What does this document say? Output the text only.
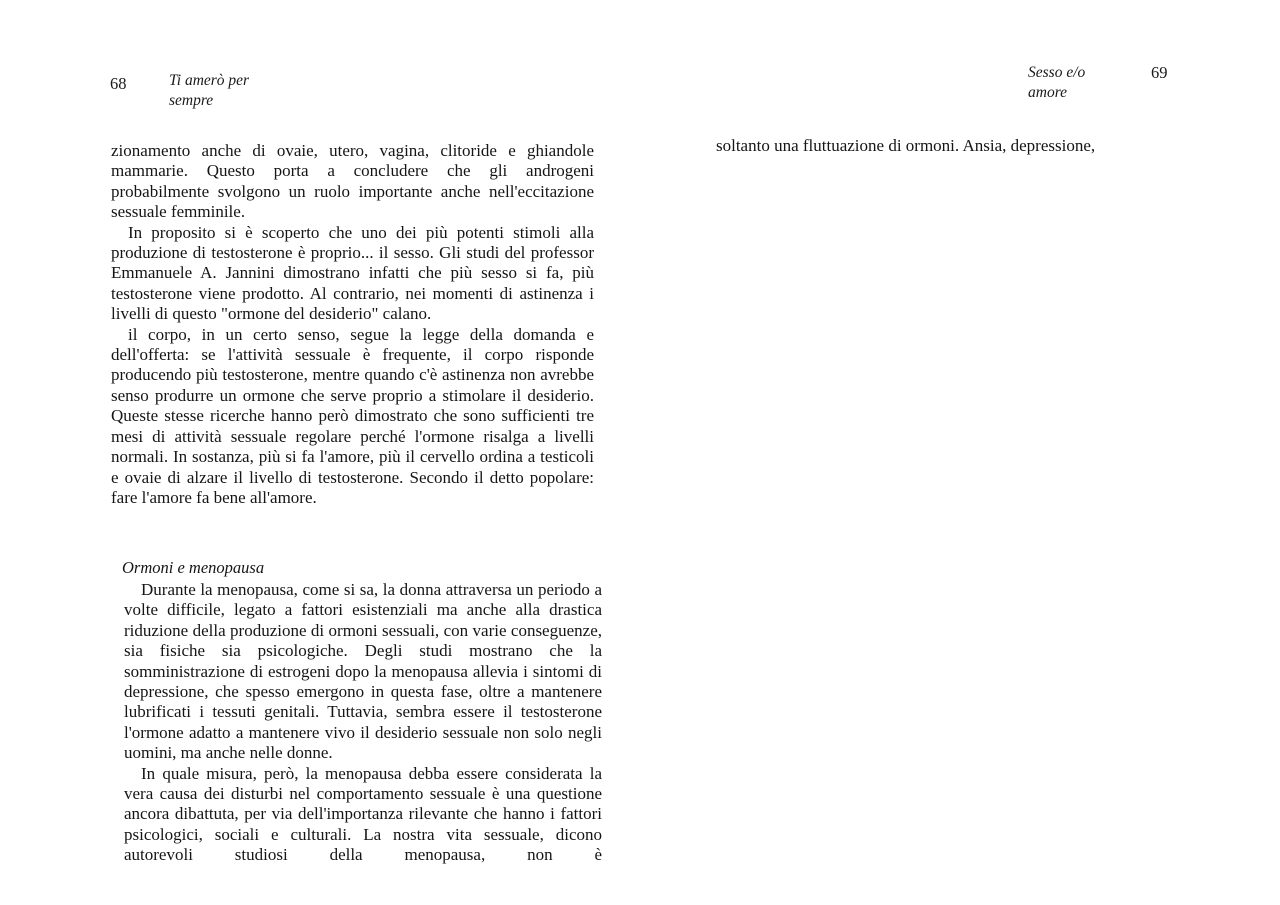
68	Ti amerò per sempre

zionamento anche di ovaie, utero, vagina, clitoride e ghiandole mammarie. Questo porta a concludere che gli androgeni probabilmente svolgono un ruolo importante anche nell'eccitazione sessuale femminile.

In proposito si è scoperto che uno dei più potenti stimoli alla produzione di testosterone è proprio... il sesso. Gli studi del professor Emmanuele A. Jannini dimostrano infatti che più sesso si fa, più testosterone viene prodotto. Al contrario, nei momenti di astinenza i livelli di questo "ormone del desiderio" calano.

il corpo, in un certo senso, segue la legge della domanda e dell'offerta: se l'attività sessuale è frequente, il corpo risponde producendo più testosterone, mentre quando c'è astinenza non avrebbe senso produrre un ormone che serve proprio a stimolare il desiderio. Queste stesse ricerche hanno però dimostrato che sono sufficienti tre mesi di attività sessuale regolare perché l'ormone risalga a livelli normali. In sostanza, più si fa l'amore, più il cervello ordina a testicoli e ovaie di alzare il livello di testosterone. Secondo il detto popolare: fare l'amore fa bene all'amore.

Ormoni e menopausa

Durante la menopausa, come si sa, la donna attraversa un periodo a volte difficile, legato a fattori esistenziali ma anche alla drastica riduzione della produzione di ormoni sessuali, con varie conseguenze, sia fisiche sia psicologiche. Degli studi mostrano che la somministrazione di estrogeni dopo la menopausa allevia i sintomi di depressione, che spesso emergono in questa fase, oltre a mantenere lubrificati i tessuti genitali. Tuttavia, sembra essere il testosterone l'ormone adatto a mantenere vivo il desiderio sessuale non solo negli uomini, ma anche nelle donne.

In quale misura, però, la menopausa debba essere considerata la vera causa dei disturbi nel comportamento sessuale è una questione ancora dibattuta, per via dell'importanza rilevante che hanno i fattori psicologici, sociali e culturali. La nostra vita sessuale, dicono autorevoli studiosi della menopausa, non è

Sesso e/o amore
69

soltanto una fluttuazione di ormoni. Ansia, depressione,
